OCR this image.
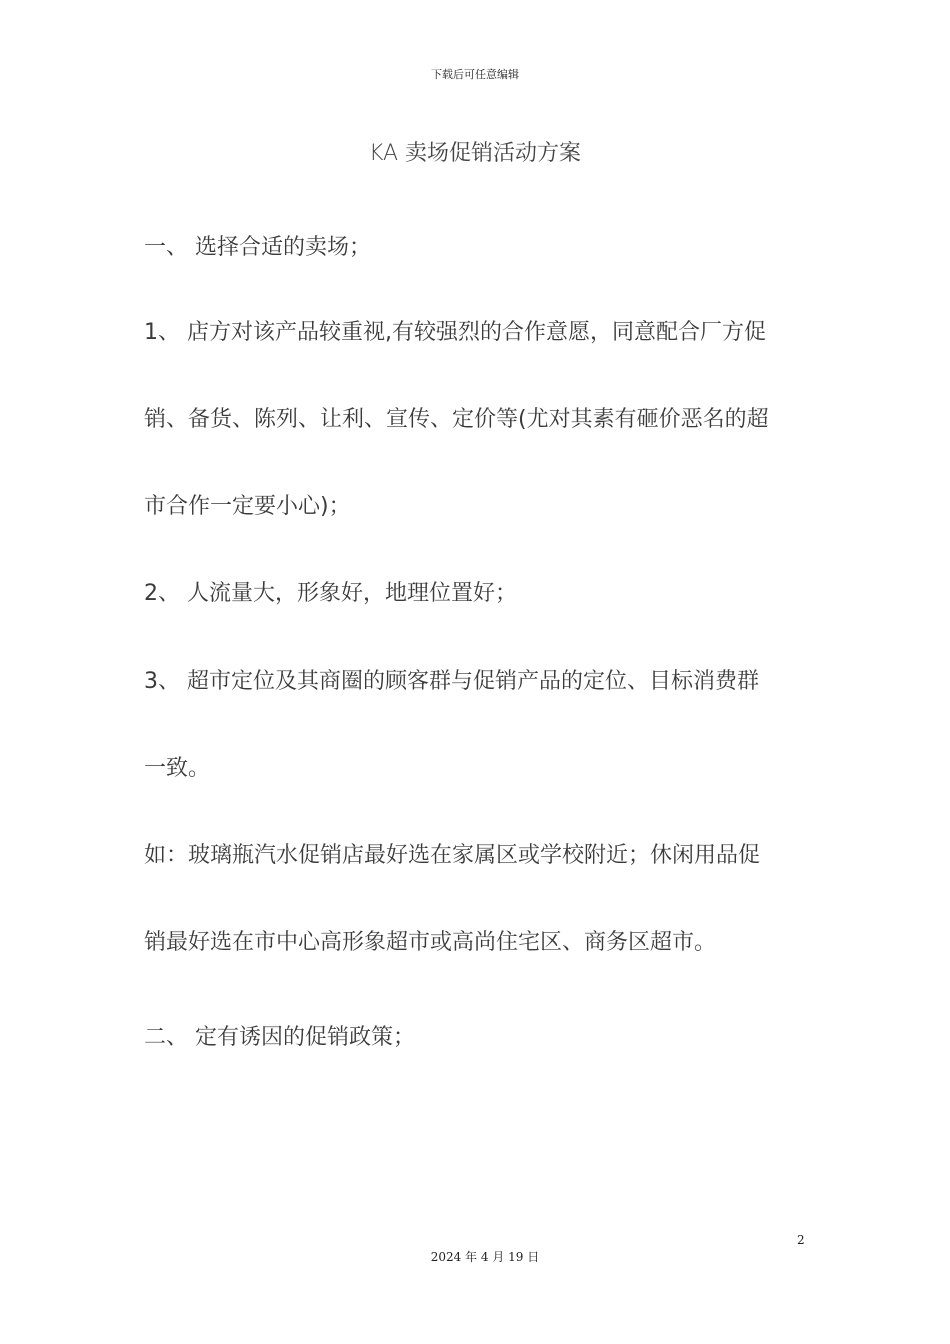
下载后可任意编辑
KA 卖场促销活动方案
一、 选择合适的卖场；
1、 店方对该产品较重视,有较强烈的合作意愿，同意配合厂方促
销、备货、陈列、让利、宣传、定价等(尤对其素有砸价恶名的超
市合作一定要小心)；
2、 人流量大，形象好，地理位置好；
3、 超市定位及其商圈的顾客群与促销产品的定位、目标消费群
一致。
如：玻璃瓶汽水促销店最好选在家属区或学校附近；休闲用品促
销最好选在市中心高形象超市或高尚住宅区、商务区超市。
二、 定有诱因的促销政策；
2
2024 年 4 月 19 日
